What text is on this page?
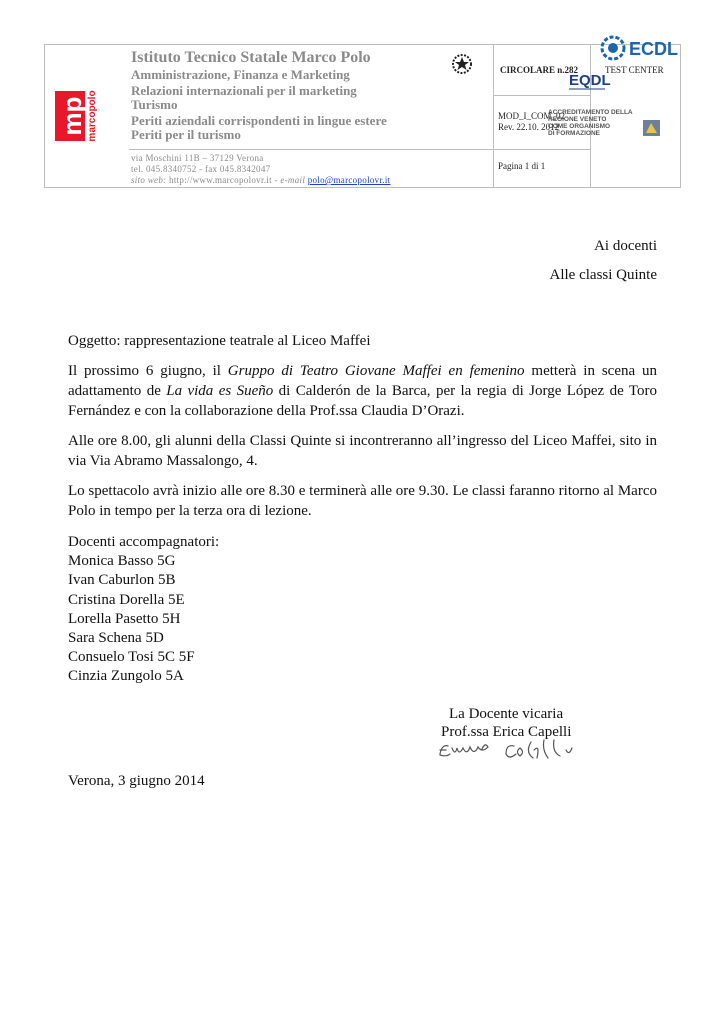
mp marcopolo
Istituto Tecnico Statale Marco Polo
Amministrazione, Finanza e Marketing
Relazioni internazionali per il marketing
Turismo
Periti aziendali corrispondenti in lingue estere
Periti per il turismo
via Moschini 11B – 37129 Verona
tel. 045.8340752 - fax 045.8342047
sito web: http://www.marcopolovr.it - e-mail polo@marcopolovr.it
CIRCOLARE n.282
MOD_I_COM_02
Rev. 22.10. 2012
Pagina 1 di 1
TEST CENTER
ECDL
EQDL
ACCREDITAMENTO DELLA
REGIONE VENETO
COME ORGANISMO
DI FORMAZIONE
Ai docenti
Alle classi Quinte
Oggetto: rappresentazione teatrale al Liceo Maffei
Il prossimo 6 giugno, il Gruppo di Teatro Giovane Maffei en femenino metterà in scena un adattamento de La vida es Sueño di Calderón de la Barca, per la regia di Jorge López de Toro Fernández e con la collaborazione della Prof.ssa Claudia D’Orazi.
Alle ore 8.00, gli alunni della Classi Quinte si incontreranno all’ingresso del Liceo Maffei, sito in via Via Abramo Massalongo, 4.
Lo spettacolo avrà inizio alle ore 8.30 e terminerà alle ore 9.30. Le classi faranno ritorno al Marco Polo in tempo per la terza ora di lezione.
Docenti accompagnatori:
Monica Basso 5G
Ivan Caburlon 5B
Cristina Dorella 5E
Lorella Pasetto 5H
Sara Schena 5D
Consuelo Tosi 5C 5F
Cinzia Zungolo 5A
La Docente vicaria
Prof.ssa Erica Capelli
Verona, 3 giugno 2014
